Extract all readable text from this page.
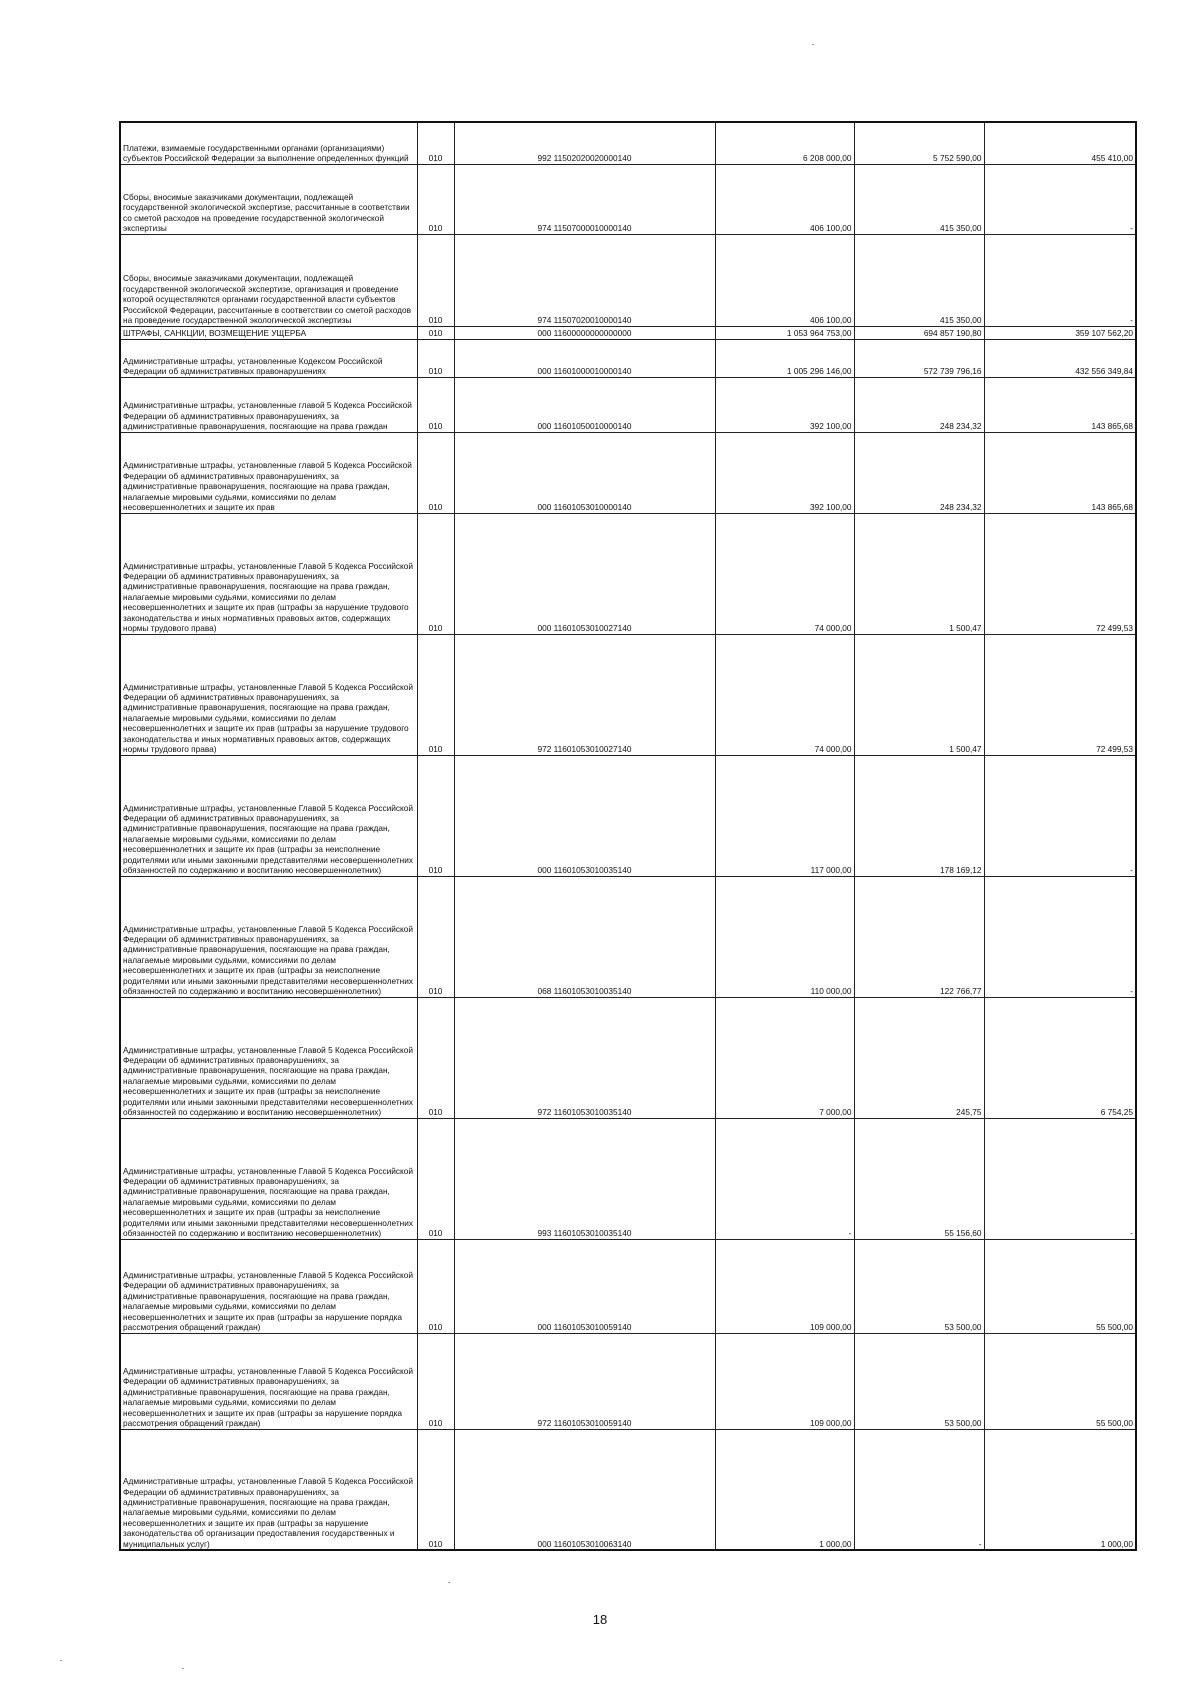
Платежи, взимаемые государственными органами (организациями) субъектов Российской Федерации за выполнение определенных функций	010	992 11502020020000140	6 208 000,00	5 752 590,00	455 410,00
Сборы, вносимые заказчиками документации, подлежащей государственной экологической экспертизе, рассчитанные в соответствии со сметой расходов на проведение государственной экологической экспертизы	010	974 11507000010000140	406 100,00	415 350,00	-
Сборы, вносимые заказчиками документации, подлежащей государственной экологической экспертизе, организация и проведение которой осуществляются органами государственной власти субъектов Российской Федерации, рассчитанные в соответствии со сметой расходов на проведение государственной экологической экспертизы	010	974 11507020010000140	406 100,00	415 350,00	-
ШТРАФЫ, САНКЦИИ, ВОЗМЕЩЕНИЕ УЩЕРБА	010	000 11600000000000000	1 053 964 753,00	694 857 190,80	359 107 562,20
Административные штрафы, установленные Кодексом Российской Федерации об административных правонарушениях	010	000 11601000010000140	1 005 296 146,00	572 739 796,16	432 556 349,84
Административные штрафы, установленные главой 5 Кодекса Российской Федерации об административных правонарушениях, за административные правонарушения, посягающие на права граждан	010	000 11601050010000140	392 100,00	248 234,32	143 865,68
Административные штрафы, установленные главой 5 Кодекса Российской Федерации об административных правонарушениях, за административные правонарушения, посягающие на права граждан, налагаемые мировыми судьями, комиссиями по делам несовершеннолетних и защите их прав	010	000 11601053010000140	392 100,00	248 234,32	143 865,68
Административные штрафы, установленные Главой 5 Кодекса Российской Федерации об административных правонарушениях, за административные правонарушения, посягающие на права граждан, налагаемые мировыми судьями, комиссиями по делам несовершеннолетних и защите их прав (штрафы за нарушение трудового законодательства и иных нормативных правовых актов, содержащих нормы трудового права)	010	000 11601053010027140	74 000,00	1 500,47	72 499,53
Административные штрафы, установленные Главой 5 Кодекса Российской Федерации об административных правонарушениях, за административные правонарушения, посягающие на права граждан, налагаемые мировыми судьями, комиссиями по делам несовершеннолетних и защите их прав (штрафы за нарушение трудового законодательства и иных нормативных правовых актов, содержащих нормы трудового права)	010	972 11601053010027140	74 000,00	1 500,47	72 499,53
Административные штрафы, установленные Главой 5 Кодекса Российской Федерации об административных правонарушениях, за административные правонарушения, посягающие на права граждан, налагаемые мировыми судьями, комиссиями по делам несовершеннолетних и защите их прав (штрафы за неисполнение родителями или иными законными представителями несовершеннолетних обязанностей по содержанию и воспитанию несовершеннолетних)	010	000 11601053010035140	117 000,00	178 169,12	-
Административные штрафы, установленные Главой 5 Кодекса Российской Федерации об административных правонарушениях, за административные правонарушения, посягающие на права граждан, налагаемые мировыми судьями, комиссиями по делам несовершеннолетних и защите их прав (штрафы за неисполнение родителями или иными законными представителями несовершеннолетних обязанностей по содержанию и воспитанию несовершеннолетних)	010	068 11601053010035140	110 000,00	122 766,77	-
Административные штрафы, установленные Главой 5 Кодекса Российской Федерации об административных правонарушениях, за административные правонарушения, посягающие на права граждан, налагаемые мировыми судьями, комиссиями по делам несовершеннолетних и защите их прав (штрафы за неисполнение родителями или иными законными представителями несовершеннолетних обязанностей по содержанию и воспитанию несовершеннолетних)	010	972 11601053010035140	7 000,00	245,75	6 754,25
Административные штрафы, установленные Главой 5 Кодекса Российской Федерации об административных правонарушениях, за административные правонарушения, посягающие на права граждан, налагаемые мировыми судьями, комиссиями по делам несовершеннолетних и защите их прав (штрафы за неисполнение родителями или иными законными представителями несовершеннолетних обязанностей по содержанию и воспитанию несовершеннолетних)	010	993 11601053010035140	-	55 156,60	-
Административные штрафы, установленные Главой 5 Кодекса Российской Федерации об административных правонарушениях, за административные правонарушения, посягающие на права граждан, налагаемые мировыми судьями, комиссиями по делам несовершеннолетних и защите их прав (штрафы за нарушение порядка рассмотрения обращений граждан)	010	000 11601053010059140	109 000,00	53 500,00	55 500,00
Административные штрафы, установленные Главой 5 Кодекса Российской Федерации об административных правонарушениях, за административные правонарушения, посягающие на права граждан, налагаемые мировыми судьями, комиссиями по делам несовершеннолетних и защите их прав (штрафы за нарушение порядка рассмотрения обращений граждан)	010	972 11601053010059140	109 000,00	53 500,00	55 500,00
Административные штрафы, установленные Главой 5 Кодекса Российской Федерации об административных правонарушениях, за административные правонарушения, посягающие на права граждан, налагаемые мировыми судьями, комиссиями по делам несовершеннолетних и защите их прав (штрафы за нарушение законодательства об организации предоставления государственных и муниципальных услуг)	010	000 11601053010063140	1 000,00	-	1 000,00
18
